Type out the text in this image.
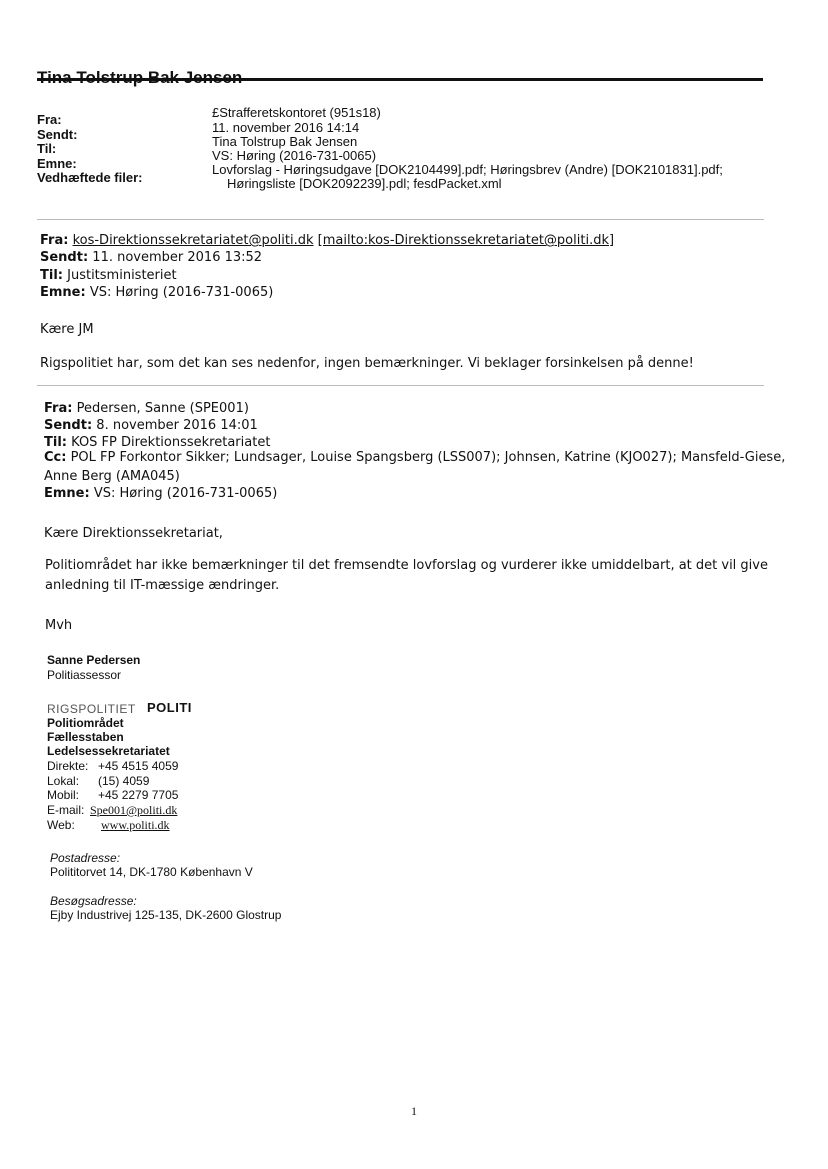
Fra:
Sendt:
Til:
Emne:
Vedhæftede filer:
£Strafferetskontoret (951s18)
11. november 2016 14:14
Tina Tolstrup Bak Jensen
VS: Høring (2016-731-0065)
Lovforslag - Høringsudgave [DOK2104499].pdf; Høringsbrev (Andre) [DOK2101831].pdf;
Høringsliste [DOK2092239].pdl; fesdPacket.xml
Fra: kos-Direktionssekretariatet@politi.dk [mailto:kos-Direktionssekretariatet@politi.dk]
Sendt: 11. november 2016 13:52
Til: Justitsministeriet
Emne: VS: Høring (2016-731-0065)
Kære JM
Rigspolitiet har, som det kan ses nedenfor, ingen bemærkninger. Vi beklager forsinkelsen på denne!
Fra: Pedersen, Sanne (SPE001)
Sendt: 8. november 2016 14:01
Til: KOS FP Direktionssekretariatet
Cc: POL FP Forkontor Sikker; Lundsager, Louise Spangsberg (LSS007); Johnsen, Katrine (KJO027); Mansfeld-Giese,
Anne Berg (AMA045)
Emne: VS: Høring (2016-731-0065)
Kære Direktionssekretariat,
Politiområdet har ikke bemærkninger til det fremsendte lovforslag og vurderer ikke umiddelbart, at det vil give
anledning til IT-mæssige ændringer.
Mvh
Sanne Pedersen
Politiassessor
RIGSPOLITIET POLITI
Politiområdet
Fællesstaben
Ledelsessekretariatet
Direkte: +45 4515 4059
Lokal: (15) 4059
Mobil: +45 2279 7705
E-mail: Spe001@politi.dk
Web: www.politi.dk
Postadresse:
Polititorvet 14, DK-1780 København V
Besøgsadresse:
Ejby Industrivej 125-135, DK-2600 Glostrup
1
